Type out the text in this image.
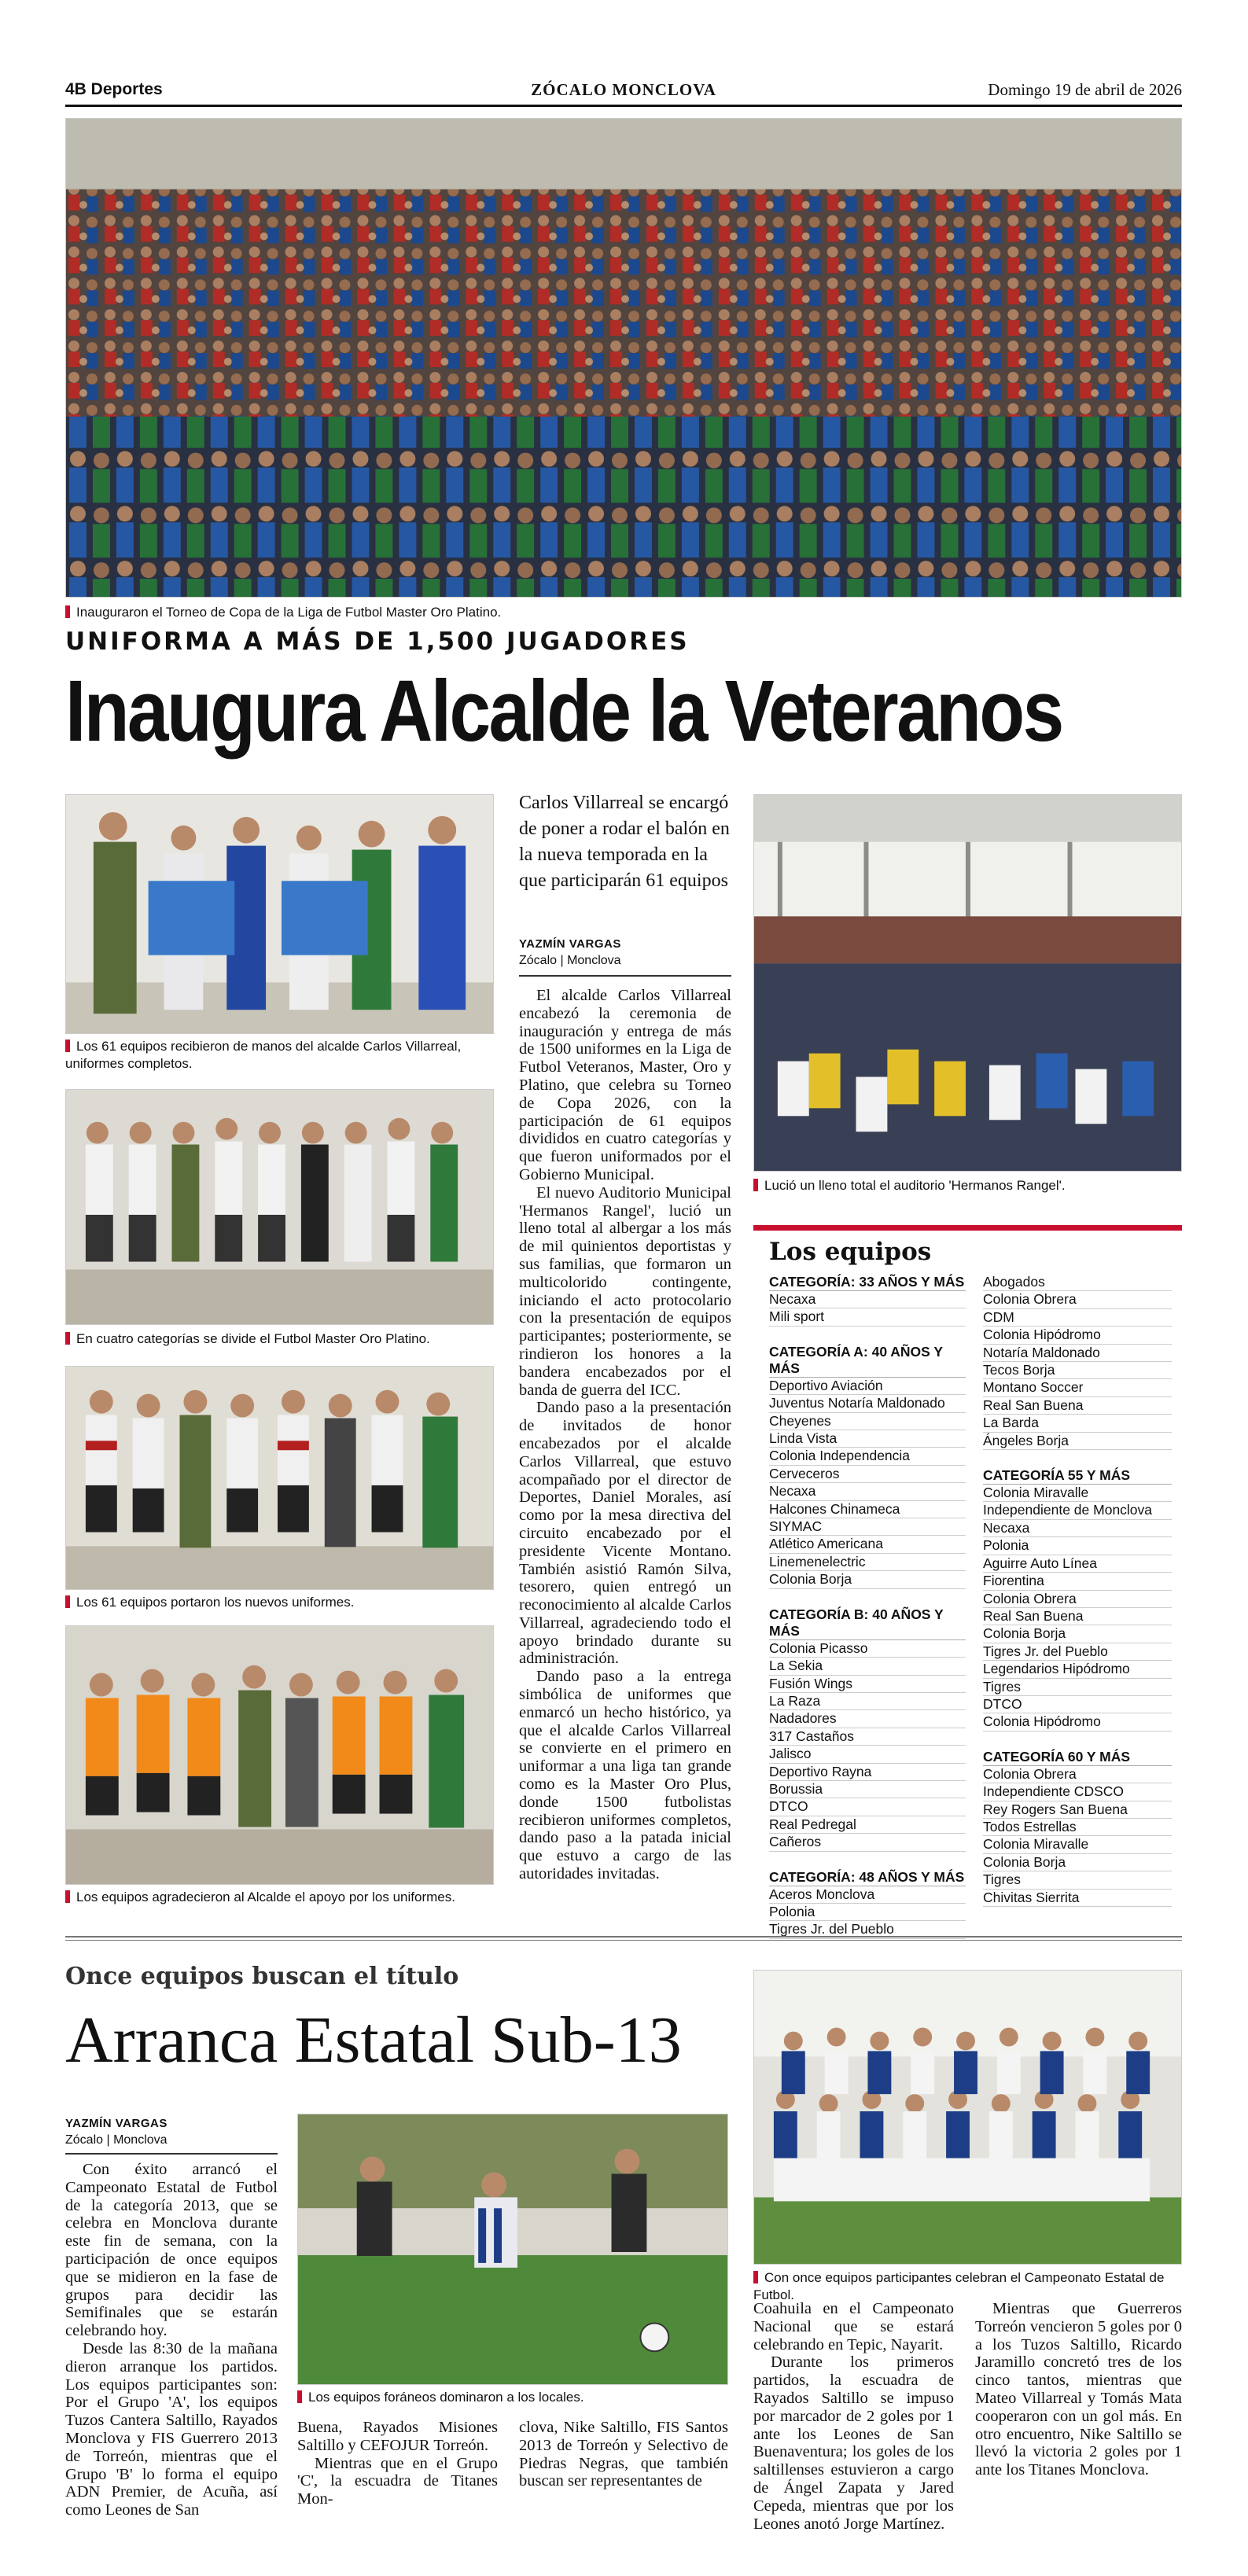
4B Deportes	ZÓCALO MONCLOVA	Domingo 19 de abril de 2026
Inauguraron el Torneo de Copa de la Liga de Futbol Master Oro Platino.
UNIFORMA A MÁS DE 1,500 JUGADORES
Inaugura Alcalde la Veteranos
Los 61 equipos recibieron de manos del alcalde Carlos Villarreal, uniformes completos.
En cuatro categorías se divide el Futbol Master Oro Platino.
Los 61 equipos portaron los nuevos uniformes.
Los equipos agradecieron al Alcalde el apoyo por los uniformes.
Carlos Villarreal se encargó de poner a rodar el balón en la nueva temporada en la que participarán 61 equipos
YAZMÍN VARGAS
Zócalo | Monclova

El alcalde Carlos Villarreal encabezó la ceremonia de inauguración y entrega de más de 1500 uniformes en la Liga de Futbol Veteranos, Master, Oro y Platino, que celebra su Torneo de Copa 2026, con la participación de 61 equipos divididos en cuatro categorías y que fueron uniformados por el Gobierno Municipal.

El nuevo Auditorio Municipal 'Hermanos Rangel', lució un lleno total al albergar a los más de mil quinientos deportistas y sus familias, que formaron un multicolorido contingente, iniciando el acto protocolario con la presentación de equipos participantes; posteriormente, se rindieron los honores a la bandera encabezados por el banda de guerra del ICC.

Dando paso a la presentación de invitados de honor encabezados por el alcalde Carlos Villarreal, que estuvo acompañado por el director de Deportes, Daniel Morales, así como por la mesa directiva del circuito encabezado por el presidente Vicente Montano. También asistió Ramón Silva, tesorero, quien entregó un reconocimiento al alcalde Carlos Villarreal, agradeciendo todo el apoyo brindado durante su administración.

Dando paso a la entrega simbólica de uniformes que enmarcó un hecho histórico, ya que el alcalde Carlos Villarreal se convierte en el primero en uniformar a una liga tan grande como es la Master Oro Plus, donde 1500 futbolistas recibieron uniformes completos, dando paso a la patada inicial que estuvo a cargo de las autoridades invitadas.

Lució un lleno total el auditorio 'Hermanos Rangel'.
Los equipos
CATEGORÍA: 33 AÑOS Y MÁS
Necaxa
Mili sport
CATEGORÍA A: 40 AÑOS Y MÁS
Deportivo Aviación
Juventus Notaría Maldonado
Cheyenes
Linda Vista
Colonia Independencia
Cerveceros
Necaxa
Halcones Chinameca
SIYMAC
Atlético Americana
Linemenelectric
Colonia Borja
CATEGORÍA B: 40 AÑOS Y MÁS
Colonia Picasso
La Sekia
Fusión Wings
La Raza
Nadadores
317 Castaños
Jalisco
Deportivo Rayna
Borussia
DTCO
Real Pedregal
Cañeros
CATEGORÍA: 48 AÑOS Y MÁS
Aceros Monclova
Polonia
Tigres Jr. del Pueblo
Abogados
Colonia Obrera
CDM
Colonia Hipódromo
Notaría Maldonado
Tecos Borja
Montano Soccer
Real San Buena
La Barda
Ángeles Borja
CATEGORÍA 55 Y MÁS
Colonia Miravalle
Independiente de Monclova
Necaxa
Polonia
Aguirre Auto Línea
Fiorentina
Colonia Obrera
Real San Buena
Colonia Borja
Tigres Jr. del Pueblo
Legendarios Hipódromo
Tigres
DTCO
Colonia Hipódromo
CATEGORÍA 60 Y MÁS
Colonia Obrera
Independiente CDSCO
Rey Rogers San Buena
Todos Estrellas
Colonia Miravalle
Colonia Borja
Tigres
Chivitas Sierrita
Once equipos buscan el título
Arranca Estatal Sub-13
YAZMÍN VARGAS
Zócalo | Monclova

Con éxito arrancó el Campeonato Estatal de Futbol de la categoría 2013, que se celebra en Monclova durante este fin de semana, con la participación de once equipos que se midieron en la fase de grupos para decidir las Semifinales que se estarán celebrando hoy.

Desde las 8:30 de la mañana dieron arranque los partidos. Los equipos participantes son: Por el Grupo 'A', los equipos Tuzos Cantera Saltillo, Rayados Monclova y FIS Guerrero 2013 de Torreón, mientras que el Grupo 'B' lo forma el equipo ADN Premier, de Acuña, así como Leones de San

Los equipos foráneos dominaron a los locales.

Buena, Rayados Misiones Saltillo y CEFOJUR Torreón.

Mientras que en el Grupo 'C', la escuadra de Titanes Mon-

clova, Nike Saltillo, FIS Santos 2013 de Torreón y Selectivo de Piedras Negras, que también buscan ser representantes de

Con once equipos participantes celebran el Campeonato Estatal de Futbol.

Coahuila en el Campeonato Nacional que se estará celebrando en Tepic, Nayarit.

Durante los primeros partidos, la escuadra de Rayados Saltillo se impuso por marcador de 2 goles por 1 ante los Leones de San Buenaventura; los goles de los saltillenses estuvieron a cargo de Ángel Zapata y Jared Cepeda, mientras que por los Leones anotó Jorge Martínez.

Mientras que Guerreros Torreón vencieron 5 goles por 0 a los Tuzos Saltillo, Ricardo Jaramillo concretó tres de los cinco tantos, mientras que Mateo Villarreal y Tomás Mata cooperaron con un gol más. En otro encuentro, Nike Saltillo se llevó la victoria 2 goles por 1 ante los Titanes Monclova.
